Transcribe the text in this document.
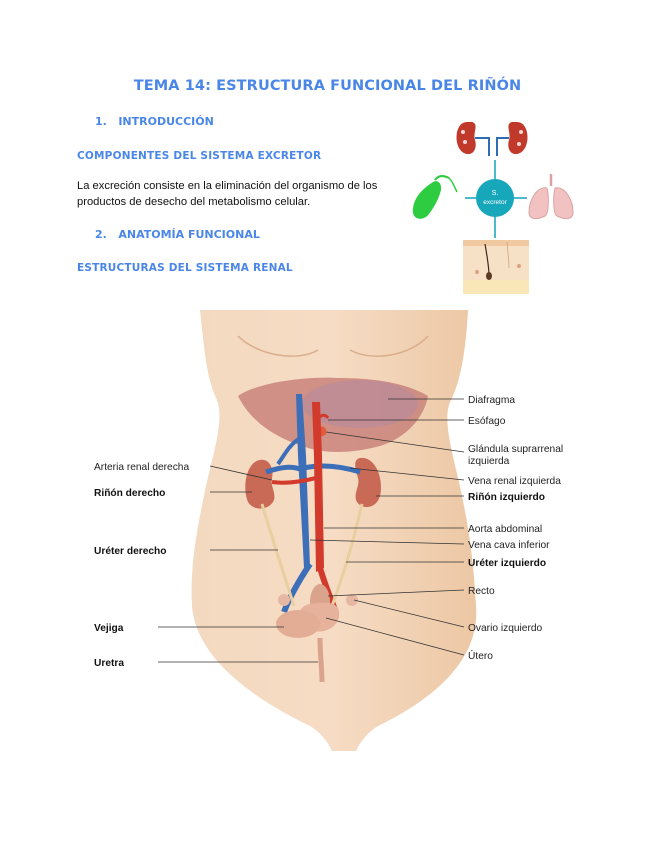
TEMA 14: ESTRUCTURA FUNCIONAL DEL RIÑÓN
1. INTRODUCCIÓN
COMPONENTES DEL SISTEMA EXCRETOR
La excreción consiste en la eliminación del organismo de los productos de desecho del metabolismo celular.
2. ANATOMÍA FUNCIONAL
ESTRUCTURAS DEL SISTEMA RENAL
S.
excretor
Arteria renal derecha
Riñón derecho
Uréter derecho
Vejiga
Uretra
Diafragma
Esófago
Glándula suprarrenal
izquierda
Vena renal izquierda
Riñón izquierdo
Aorta abdominal
Vena cava inferior
Uréter izquierdo
Recto
Ovario izquierdo
Útero
